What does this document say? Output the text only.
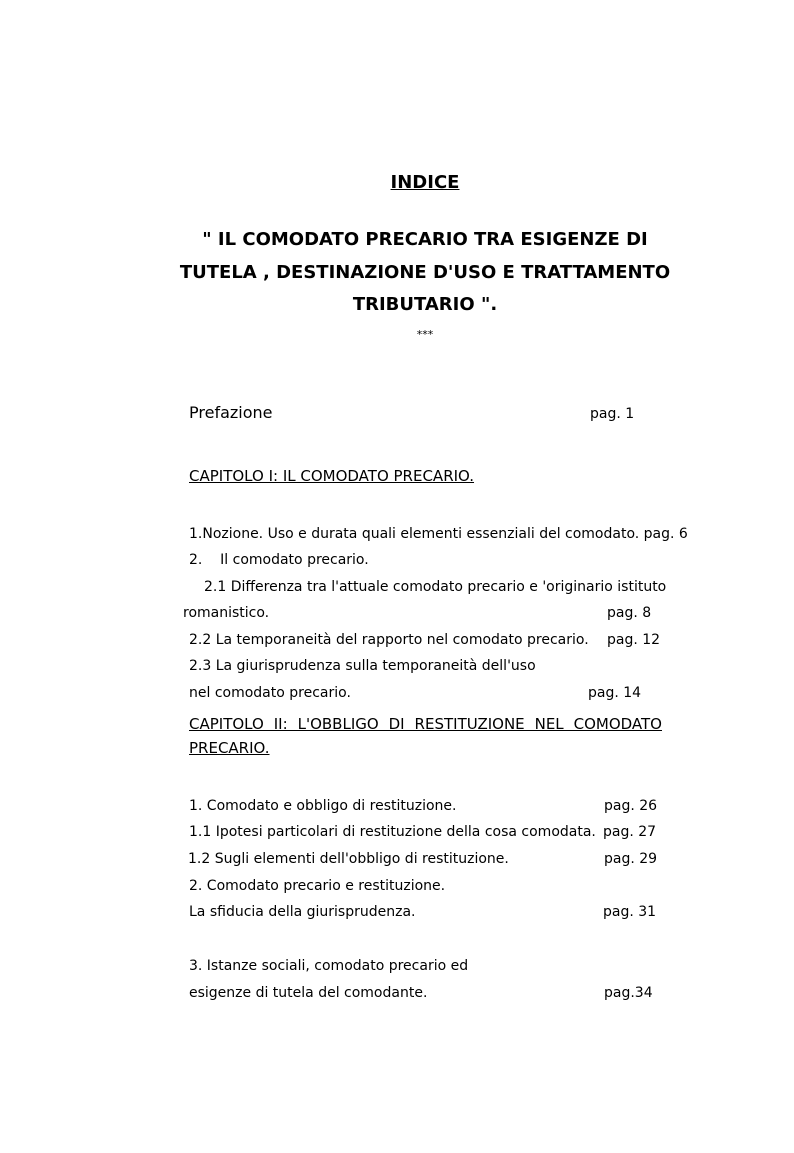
INDICE
" IL COMODATO PRECARIO TRA ESIGENZE DI
TUTELA , DESTINAZIONE D'USO E TRATTAMENTO
TRIBUTARIO ".
***
Prefazione	pag. 1
CAPITOLO I: IL COMODATO PRECARIO.
1.Nozione. Uso e durata quali elementi essenziali del comodato. pag. 6
2.    Il comodato precario.
2.1 Differenza tra l'attuale comodato precario e 'originario istituto
romanistico.	pag. 8
2.2 La temporaneità del rapporto nel comodato precario. pag. 12
2.3 La giurisprudenza sulla temporaneità dell'uso
nel comodato precario.	pag. 14
CAPITOLO II: L'OBBLIGO DI RESTITUZIONE NEL COMODATO
PRECARIO.
1. Comodato e obbligo di restituzione.	pag. 26
1.1 Ipotesi particolari di restituzione della cosa comodata. pag. 27
1.2 Sugli elementi dell'obbligo di restituzione.	pag. 29
2. Comodato precario e restituzione.
La sfiducia della giurisprudenza.	pag. 31
3. Istanze sociali, comodato precario ed
esigenze di tutela del comodante.	pag.34
